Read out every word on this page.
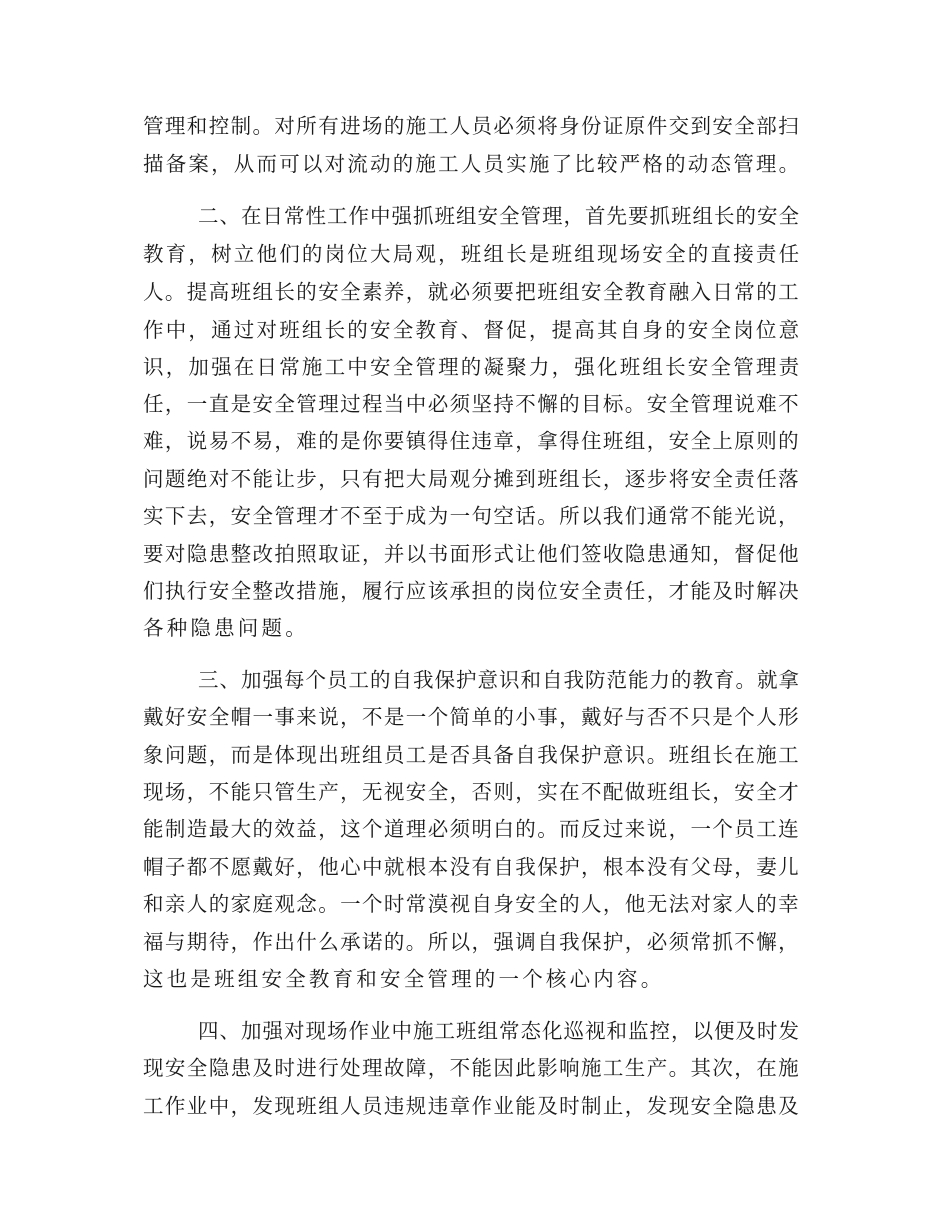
管理和控制。对所有进场的施工人员必须将身份证原件交到安全部扫
描备案，从而可以对流动的施工人员实施了比较严格的动态管理。
二、在日常性工作中强抓班组安全管理，首先要抓班组长的安全
教育，树立他们的岗位大局观，班组长是班组现场安全的直接责任
人。提高班组长的安全素养，就必须要把班组安全教育融入日常的工
作中，通过对班组长的安全教育、督促，提高其自身的安全岗位意
识，加强在日常施工中安全管理的凝聚力，强化班组长安全管理责
任，一直是安全管理过程当中必须坚持不懈的目标。安全管理说难不
难，说易不易，难的是你要镇得住违章，拿得住班组，安全上原则的
问题绝对不能让步，只有把大局观分摊到班组长，逐步将安全责任落
实下去，安全管理才不至于成为一句空话。所以我们通常不能光说，
要对隐患整改拍照取证，并以书面形式让他们签收隐患通知，督促他
们执行安全整改措施，履行应该承担的岗位安全责任，才能及时解决
各种隐患问题。
三、加强每个员工的自我保护意识和自我防范能力的教育。就拿
戴好安全帽一事来说，不是一个简单的小事，戴好与否不只是个人形
象问题，而是体现出班组员工是否具备自我保护意识。班组长在施工
现场，不能只管生产，无视安全，否则，实在不配做班组长，安全才
能制造最大的效益，这个道理必须明白的。而反过来说，一个员工连
帽子都不愿戴好，他心中就根本没有自我保护，根本没有父母，妻儿
和亲人的家庭观念。一个时常漠视自身安全的人，他无法对家人的幸
福与期待，作出什么承诺的。所以，强调自我保护，必须常抓不懈，
这也是班组安全教育和安全管理的一个核心内容。
四、加强对现场作业中施工班组常态化巡视和监控，以便及时发
现安全隐患及时进行处理故障，不能因此影响施工生产。其次，在施
工作业中，发现班组人员违规违章作业能及时制止，发现安全隐患及
